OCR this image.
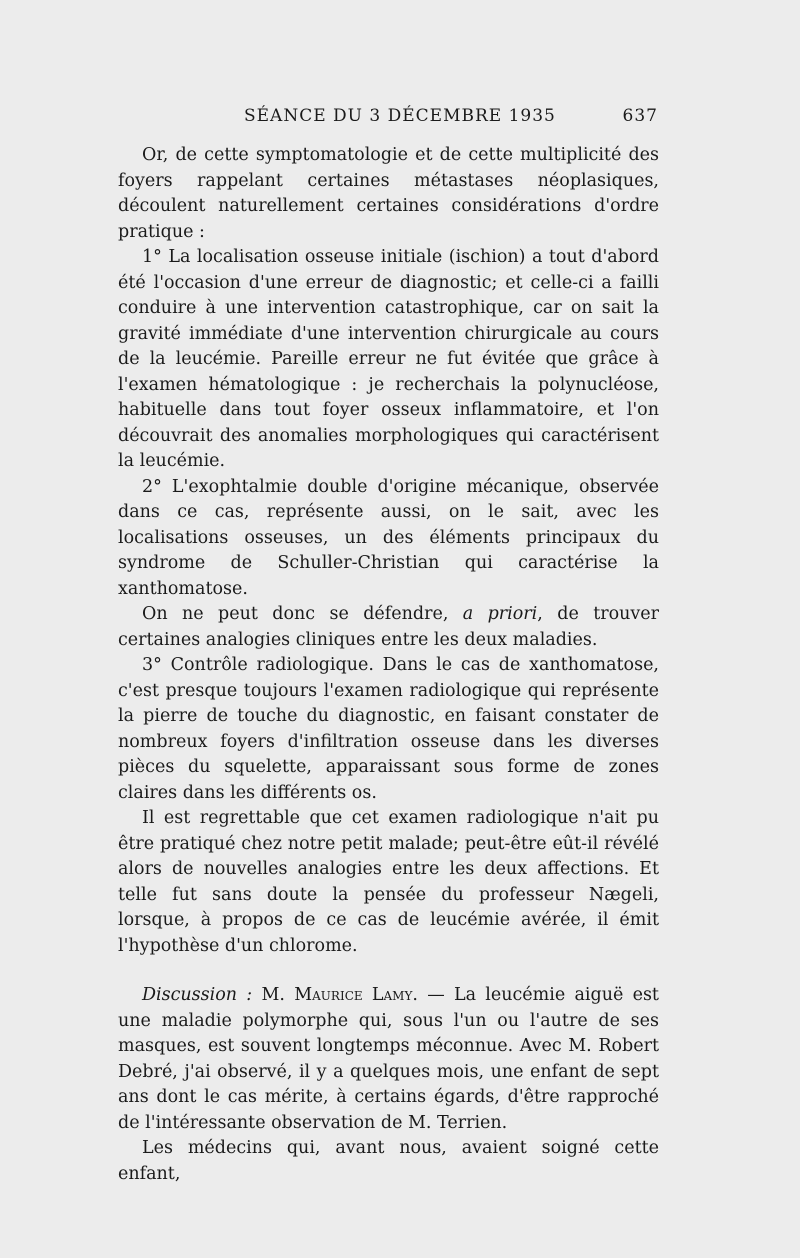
SÉANCE DU 3 DÉCEMBRE 1935	637

Or, de cette symptomatologie et de cette multiplicité des foyers rappelant certaines métastases néoplasiques, découlent naturellement certaines considérations d'ordre pratique :

1° La localisation osseuse initiale (ischion) a tout d'abord été l'occasion d'une erreur de diagnostic; et celle-ci a failli conduire à une intervention catastrophique, car on sait la gravité immédiate d'une intervention chirurgicale au cours de la leucémie. Pareille erreur ne fut évitée que grâce à l'examen hématologique : je recherchais la polynucléose, habituelle dans tout foyer osseux inflammatoire, et l'on découvrait des anomalies morphologiques qui caractérisent la leucémie.

2° L'exophtalmie double d'origine mécanique, observée dans ce cas, représente aussi, on le sait, avec les localisations osseuses, un des éléments principaux du syndrome de Schuller-Christian qui caractérise la xanthomatose.

On ne peut donc se défendre, a priori, de trouver certaines analogies cliniques entre les deux maladies.

3° Contrôle radiologique. Dans le cas de xanthomatose, c'est presque toujours l'examen radiologique qui représente la pierre de touche du diagnostic, en faisant constater de nombreux foyers d'infiltration osseuse dans les diverses pièces du squelette, apparaissant sous forme de zones claires dans les différents os.

Il est regrettable que cet examen radiologique n'ait pu être pratiqué chez notre petit malade; peut-être eût-il révélé alors de nouvelles analogies entre les deux affections. Et telle fut sans doute la pensée du professeur Nægeli, lorsque, à propos de ce cas de leucémie avérée, il émit l'hypothèse d'un chlorome.

Discussion : M. Maurice Lamy. — La leucémie aiguë est une maladie polymorphe qui, sous l'un ou l'autre de ses masques, est souvent longtemps méconnue. Avec M. Robert Debré, j'ai observé, il y a quelques mois, une enfant de sept ans dont le cas mérite, à certains égards, d'être rapproché de l'intéressante observation de M. Terrien.

Les médecins qui, avant nous, avaient soigné cette enfant,
